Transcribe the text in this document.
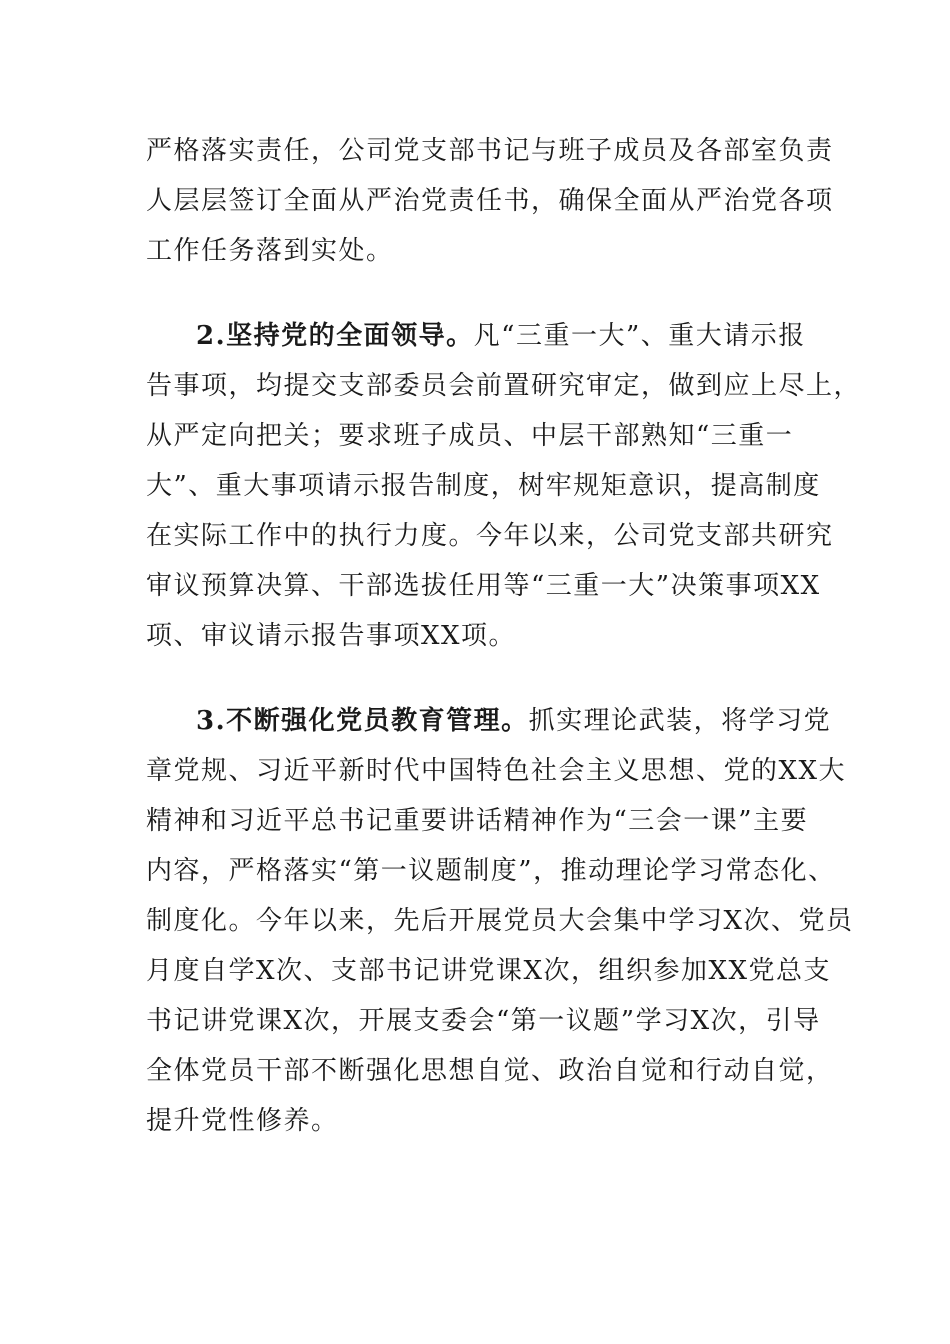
严格落实责任，公司党支部书记与班子成员及各部室负责
人层层签订全面从严治党责任书，确保全面从严治党各项
工作任务落到实处。
2.坚持党的全面领导。凡“三重一大”、重大请示报
告事项，均提交支部委员会前置研究审定，做到应上尽上，
从严定向把关；要求班子成员、中层干部熟知“三重一
大”、重大事项请示报告制度，树牢规矩意识，提高制度
在实际工作中的执行力度。今年以来，公司党支部共研究
审议预算决算、干部选拔任用等“三重一大”决策事项XX
项、审议请示报告事项XX项。
3.不断强化党员教育管理。抓实理论武装，将学习党
章党规、习近平新时代中国特色社会主义思想、党的XX大
精神和习近平总书记重要讲话精神作为“三会一课”主要
内容，严格落实“第一议题制度”，推动理论学习常态化、
制度化。今年以来，先后开展党员大会集中学习X次、党员
月度自学X次、支部书记讲党课X次，组织参加XX党总支
书记讲党课X次，开展支委会“第一议题”学习X次，引导
全体党员干部不断强化思想自觉、政治自觉和行动自觉，
提升党性修养。
